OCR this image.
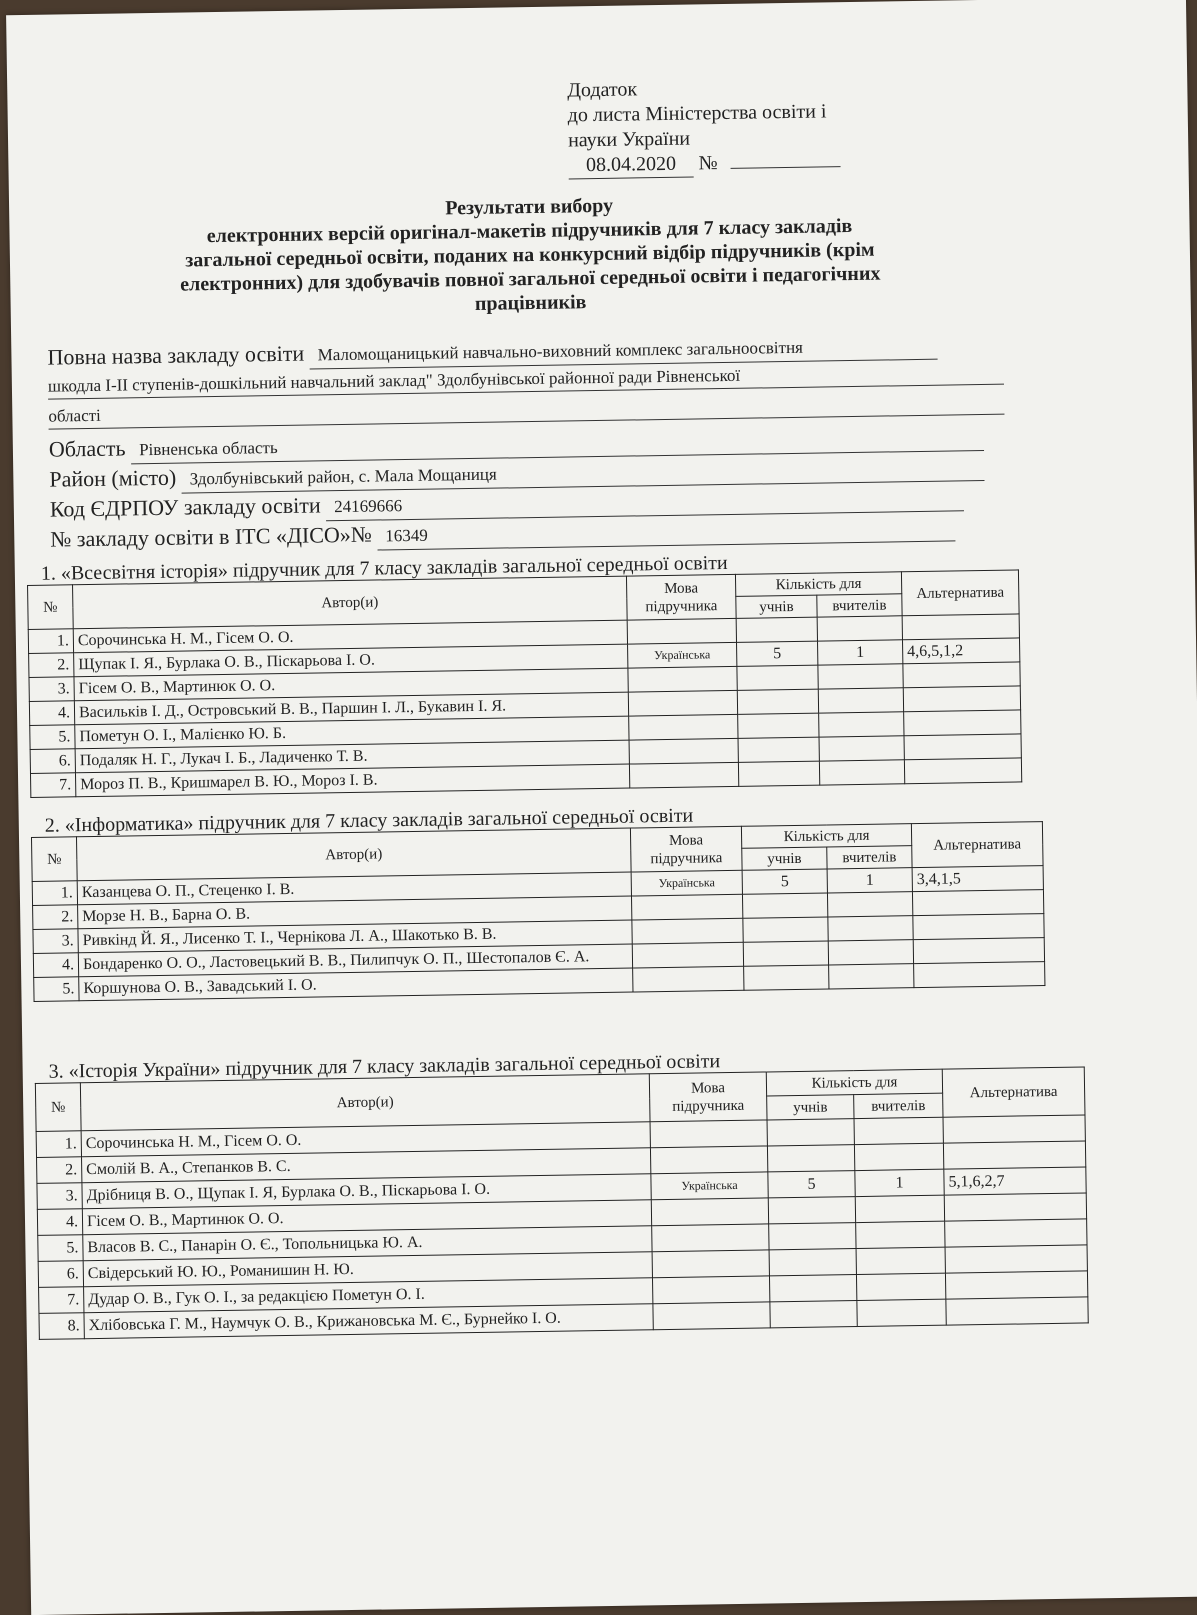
Додаток
до листа Міністерства освіти і
науки України
08.04.2020 №
Результати вибору
електронних версій оригінал-макетів підручників для 7 класу закладів
загальної середньої освіти, поданих на конкурсний відбір підручників (крім
електронних) для здобувачів повної загальної середньої освіти і педагогічних
працівників
Повна назва закладу освіти Маломощаницький навчально-виховний комплекс загальноосвітня
шкодла І-ІІ ступенів-дошкільний навчальний заклад" Здолбунівської районної ради Рівненської
області
Область Рівненська область
Район (місто) Здолбунівський район, с. Мала Мощаниця
Код ЄДРПОУ закладу освіти 24169666
№ закладу освіти в ІТС «ДІСО»№ 16349
1. «Всесвітня історія» підручник для 7 класу закладів загальної середньої освіти
№	Автор(и)	Мова підручника	Кількість для		Альтернатива
			учнів	вчителів	
1.	Сорочинська Н. М., Гісем О. О.				
2.	Щупак І. Я., Бурлака О. В., Піскарьова І. О.	Українська	5	1	4,6,5,1,2
3.	Гісем О. В., Мартинюк О. О.				
4.	Васильків І. Д., Островський В. В., Паршин І. Л., Букавин І. Я.				
5.	Пометун О. І., Малієнко Ю. Б.				
6.	Подаляк Н. Г., Лукач І. Б., Ладиченко Т. В.				
7.	Мороз П. В., Кришмарел В. Ю., Мороз І. В.				
2. «Інформатика» підручник для 7 класу закладів загальної середньої освіти
№	Автор(и)	Мова підручника	Кількість для		Альтернатива
			учнів	вчителів	
1.	Казанцева О. П., Стеценко І. В.	Українська	5	1	3,4,1,5
2.	Морзе Н. В., Барна О. В.				
3.	Ривкінд Й. Я., Лисенко Т. І., Чернікова Л. А., Шакотько В. В.				
4.	Бондаренко О. О., Ластовецький В. В., Пилипчук О. П., Шестопалов Є. А.				
5.	Коршунова О. В., Завадський І. О.				
3. «Історія України» підручник для 7 класу закладів загальної середньої освіти
№	Автор(и)	Мова підручника	Кількість для		Альтернатива
			учнів	вчителів	
1.	Сорочинська Н. М., Гісем О. О.				
2.	Смолій В. А., Степанков В. С.				
3.	Дрібниця В. О., Щупак І. Я, Бурлака О. В., Піскарьова І. О.	Українська	5	1	5,1,6,2,7
4.	Гісем О. В., Мартинюк О. О.				
5.	Власов В. С., Панарін О. Є., Топольницька Ю. А.				
6.	Свідерський Ю. Ю., Романишин Н. Ю.				
7.	Дудар О. В., Гук О. І., за редакцією Пометун О. І.				
8.	Хлібовська Г. М., Наумчук О. В., Крижановська М. Є., Бурнейко І. О.				
